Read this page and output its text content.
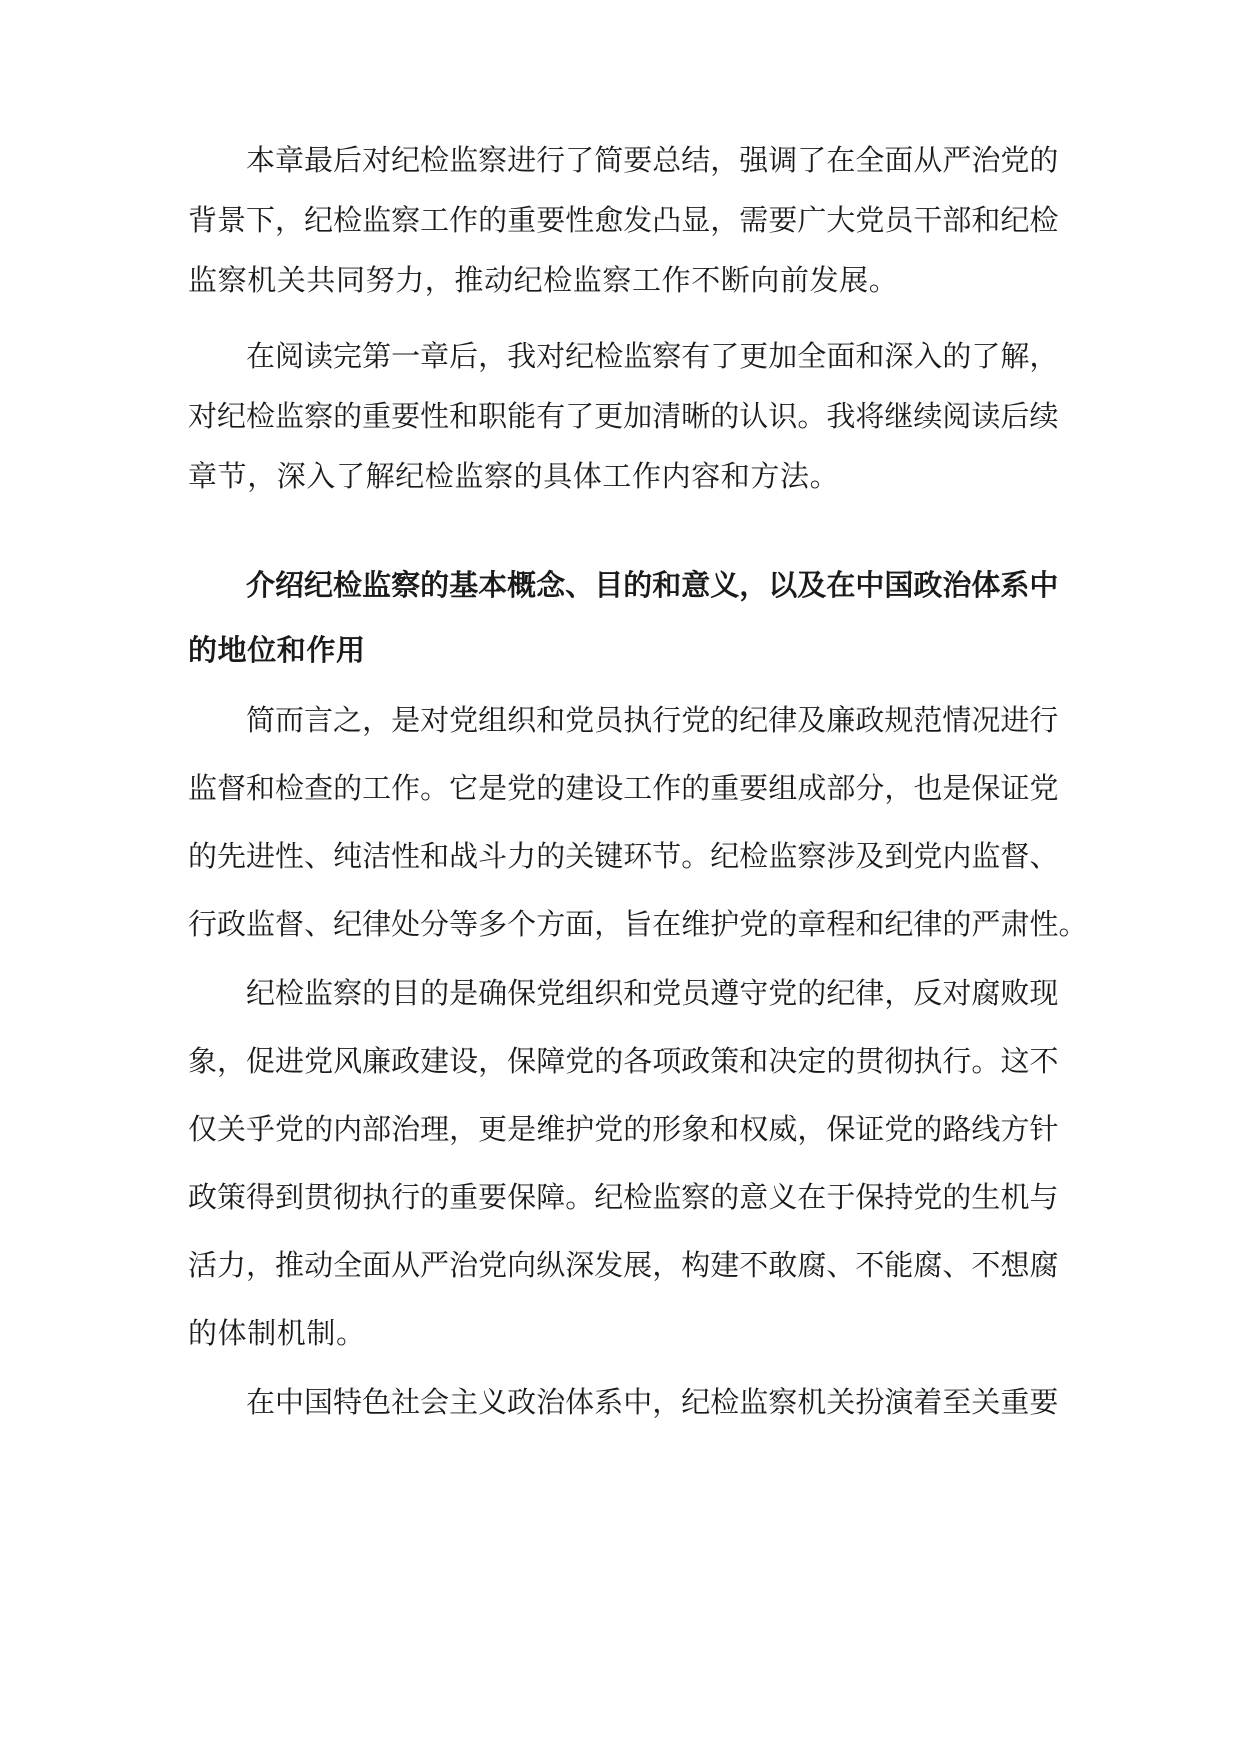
本 章 最 后 对 纪 检 监 察 进 行 了 简 要 总 结 ， 强 调 了 在 全 面 从 严 治 党 的
背 景 下 ， 纪 检 监 察 工 作 的 重 要 性 愈 发 凸 显 ， 需 要 广 大 党 员 干 部 和 纪 检
监察机关共同努力，推动纪检监察工作不断向前发展。
在 阅 读 完 第 一 章 后 ， 我 对 纪 检 监 察 有 了 更 加 全 面 和 深 入 的 了 解 ，
对 纪 检 监 察 的 重 要 性 和 职 能 有 了 更 加 清 晰 的 认 识 。 我 将 继 续 阅 读 后 续
章节，深入了解纪检监察的具体工作内容和方法。
介 绍 纪 检 监 察 的 基 本 概 念 、 目 的 和 意 义 ， 以 及 在 中 国 政 治 体 系 中
的地位和作用
简 而 言 之 ， 是 对 党 组 织 和 党 员 执 行 党 的 纪 律 及 廉 政 规 范 情 况 进 行
监 督 和 检 查 的 工 作 。 它 是 党 的 建 设 工 作 的 重 要 组 成 部 分 ， 也 是 保 证 党
的 先 进 性 、 纯 洁 性 和 战 斗 力 的 关 键 环 节 。 纪 检 监 察 涉 及 到 党 内 监 督 、
行 政 监 督 、 纪 律 处 分 等 多 个 方 面 ， 旨 在 维 护 党 的 章 程 和 纪 律 的 严 肃 性 。
纪 检 监 察 的 目 的 是 确 保 党 组 织 和 党 员 遵 守 党 的 纪 律 ， 反 对 腐 败 现
象 ， 促 进 党 风 廉 政 建 设 ， 保 障 党 的 各 项 政 策 和 决 定 的 贯 彻 执 行 。 这 不
仅 关 乎 党 的 内 部 治 理 ， 更 是 维 护 党 的 形 象 和 权 威 ， 保 证 党 的 路 线 方 针
政 策 得 到 贯 彻 执 行 的 重 要 保 障 。 纪 检 监 察 的 意 义 在 于 保 持 党 的 生 机 与
活 力 ， 推 动 全 面 从 严 治 党 向 纵 深 发 展 ， 构 建 不 敢 腐 、 不 能 腐 、 不 想 腐
的体制机制。
在 中 国 特 色 社 会 主 义 政 治 体 系 中 ， 纪 检 监 察 机 关 扮 演 着 至 关 重 要
